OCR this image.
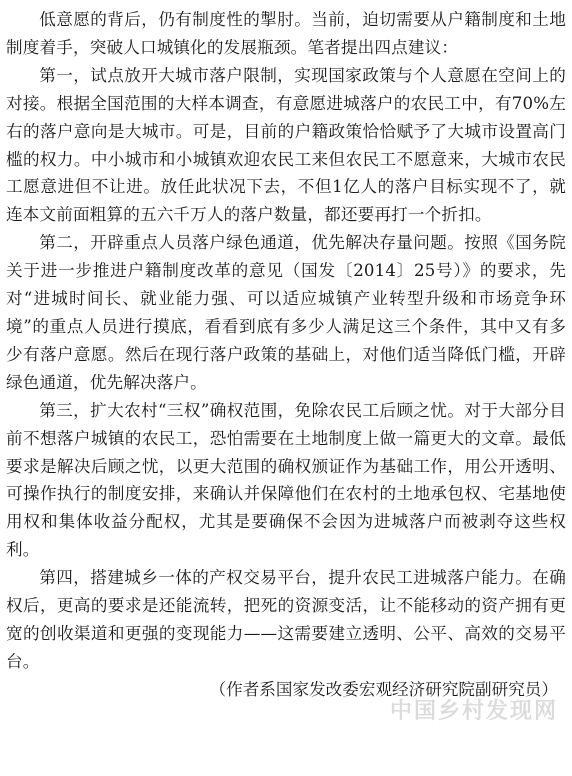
低意愿的背后，仍有制度性的掣肘。当前，迫切需要从户籍制度和土地制度着手，突破人口城镇化的发展瓶颈。笔者提出四点建议：

第一，试点放开大城市落户限制，实现国家政策与个人意愿在空间上的对接。根据全国范围的大样本调查，有意愿进城落户的农民工中，有70%左右的落户意向是大城市。可是，目前的户籍政策恰恰赋予了大城市设置高门槛的权力。中小城市和小城镇欢迎农民工来但农民工不愿意来，大城市农民工愿意进但不让进。放任此状况下去，不但1亿人的落户目标实现不了，就连本文前面粗算的五六千万人的落户数量，都还要再打一个折扣。

第二，开辟重点人员落户绿色通道，优先解决存量问题。按照《国务院关于进一步推进户籍制度改革的意见（国发〔2014〕25号）》的要求，先对“进城时间长、就业能力强、可以适应城镇产业转型升级和市场竞争环境”的重点人员进行摸底，看看到底有多少人满足这三个条件，其中又有多少有落户意愿。然后在现行落户政策的基础上，对他们适当降低门槛，开辟绿色通道，优先解决落户。

第三，扩大农村“三权”确权范围，免除农民工后顾之忧。对于大部分目前不想落户城镇的农民工，恐怕需要在土地制度上做一篇更大的文章。最低要求是解决后顾之忧，以更大范围的确权颁证作为基础工作，用公开透明、可操作执行的制度安排，来确认并保障他们在农村的土地承包权、宅基地使用权和集体收益分配权，尤其是要确保不会因为进城落户而被剥夺这些权利。

第四，搭建城乡一体的产权交易平台，提升农民工进城落户能力。在确权后，更高的要求是还能流转，把死的资源变活，让不能移动的资产拥有更宽的创收渠道和更强的变现能力——这需要建立透明、公平、高效的交易平台。

（作者系国家发改委宏观经济研究院副研究员）

中国乡村发现网
